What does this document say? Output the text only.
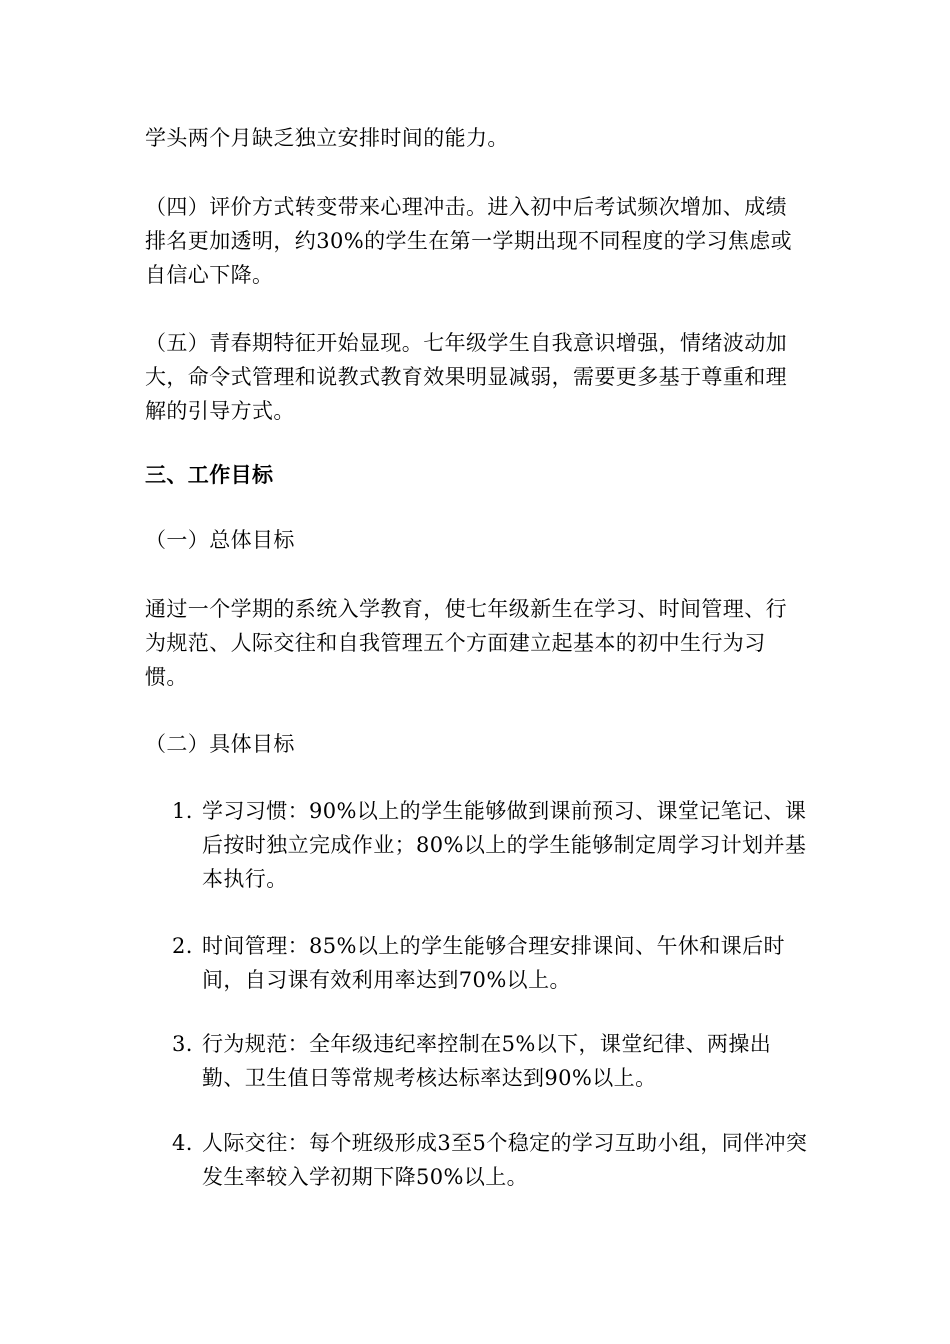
学头两个月缺乏独立安排时间的能力。

（四）评价方式转变带来心理冲击。进入初中后考试频次增加、成绩排名更加透明，约30%的学生在第一学期出现不同程度的学习焦虑或自信心下降。

（五）青春期特征开始显现。七年级学生自我意识增强，情绪波动加大，命令式管理和说教式教育效果明显减弱，需要更多基于尊重和理解的引导方式。

三、工作目标

（一）总体目标

通过一个学期的系统入学教育，使七年级新生在学习、时间管理、行为规范、人际交往和自我管理五个方面建立起基本的初中生行为习惯。

（二）具体目标

1. 学习习惯：90%以上的学生能够做到课前预习、课堂记笔记、课后按时独立完成作业；80%以上的学生能够制定周学习计划并基本执行。
2. 时间管理：85%以上的学生能够合理安排课间、午休和课后时间，自习课有效利用率达到70%以上。
3. 行为规范：全年级违纪率控制在5%以下，课堂纪律、两操出勤、卫生值日等常规考核达标率达到90%以上。
4. 人际交往：每个班级形成3至5个稳定的学习互助小组，同伴冲突发生率较入学初期下降50%以上。
